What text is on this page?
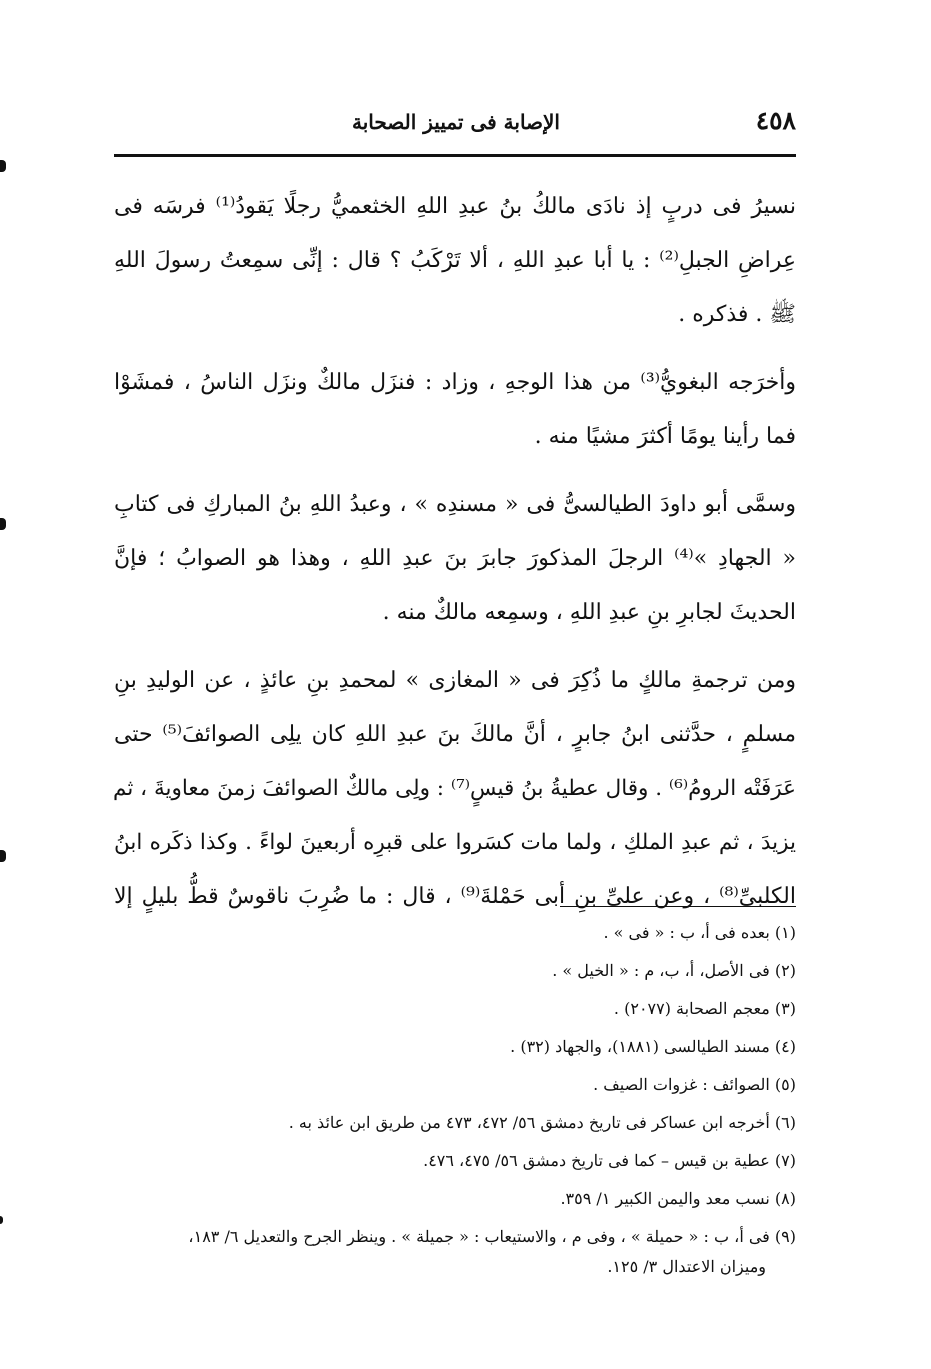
٤٥٨
الإصابة فى تمييز الصحابة
نسيرُ فى دربٍ إذ نادَى مالكُ بنُ عبدِ اللهِ الخثعميُّ رجلًا يَقودُ⁽¹⁾ فرسَه فى
عِراضِ الجبلِ⁽²⁾ : يا أبا عبدِ اللهِ ، ألا تَرْكَبُ ؟ قال : إنِّى سمِعتُ رسولَ اللهِ
ﷺ . فذكره .
وأخرَجه البغويُّ⁽³⁾ من هذا الوجهِ ، وزاد : فنزَل مالكٌ ونزَل الناسُ ، فمشَوْا
فما رأينا يومًا أكثرَ مشيًا منه .
وسمَّى أبو داودَ الطيالسىُّ فى « مسندِه » ، وعبدُ اللهِ بنُ المباركِ فى كتابِ
« الجهادِ »⁽⁴⁾ الرجلَ المذكورَ جابرَ بنَ عبدِ اللهِ ، وهذا هو الصوابُ ؛ فإنَّ
الحديثَ لجابرِ بنِ عبدِ اللهِ ، وسمِعه مالكٌ منه .
ومن ترجمةِ مالكٍ ما ذُكِرَ فى « المغازى » لمحمدِ بنِ عائذٍ ، عن الوليدِ بنِ
مسلمٍ ، حدَّثنى ابنُ جابرٍ ، أنَّ مالكَ بنَ عبدِ اللهِ كان يلِى الصوائفَ⁽⁵⁾ حتى
عَرَفَتْه الرومُ⁽⁶⁾ . وقال عطيةُ بنُ قيسٍ⁽⁷⁾ : ولِى مالكٌ الصوائفَ زمنَ معاويةَ ، ثم
يزيدَ ، ثم عبدِ الملكِ ، ولما مات كسَروا على قبرِه أربعينَ لواءً . وكذا ذكَره ابنُ
الكلبىِّ⁽⁸⁾ ، وعن علىِّ بنِ أبى حَمْلةَ⁽⁹⁾ ، قال : ما ضُرِبَ ناقوسٌ قطُّ بليلٍ إلا
(١) بعده فى أ، ب : « فى » .
(٢) فى الأصل، أ، ب، م : « الخيل » .
(٣) معجم الصحابة (٢٠٧٧) .
(٤) مسند الطيالسى (١٨٨١)، والجهاد (٣٢) .
(٥) الصوائف : غزوات الصيف .
(٦) أخرجه ابن عساكر فى تاريخ دمشق ٥٦/ ٤٧٢، ٤٧٣ من طريق ابن عائذ به .
(٧) عطية بن قيس – كما فى تاريخ دمشق ٥٦/ ٤٧٥، ٤٧٦.
(٨) نسب معد واليمن الكبير ١/ ٣٥٩.
(٩) فى أ، ب : « حميلة » ، وفى م ، والاستيعاب : « جميلة » . وينظر الجرح والتعديل ٦/ ١٨٣،
وميزان الاعتدال ٣/ ١٢٥.
